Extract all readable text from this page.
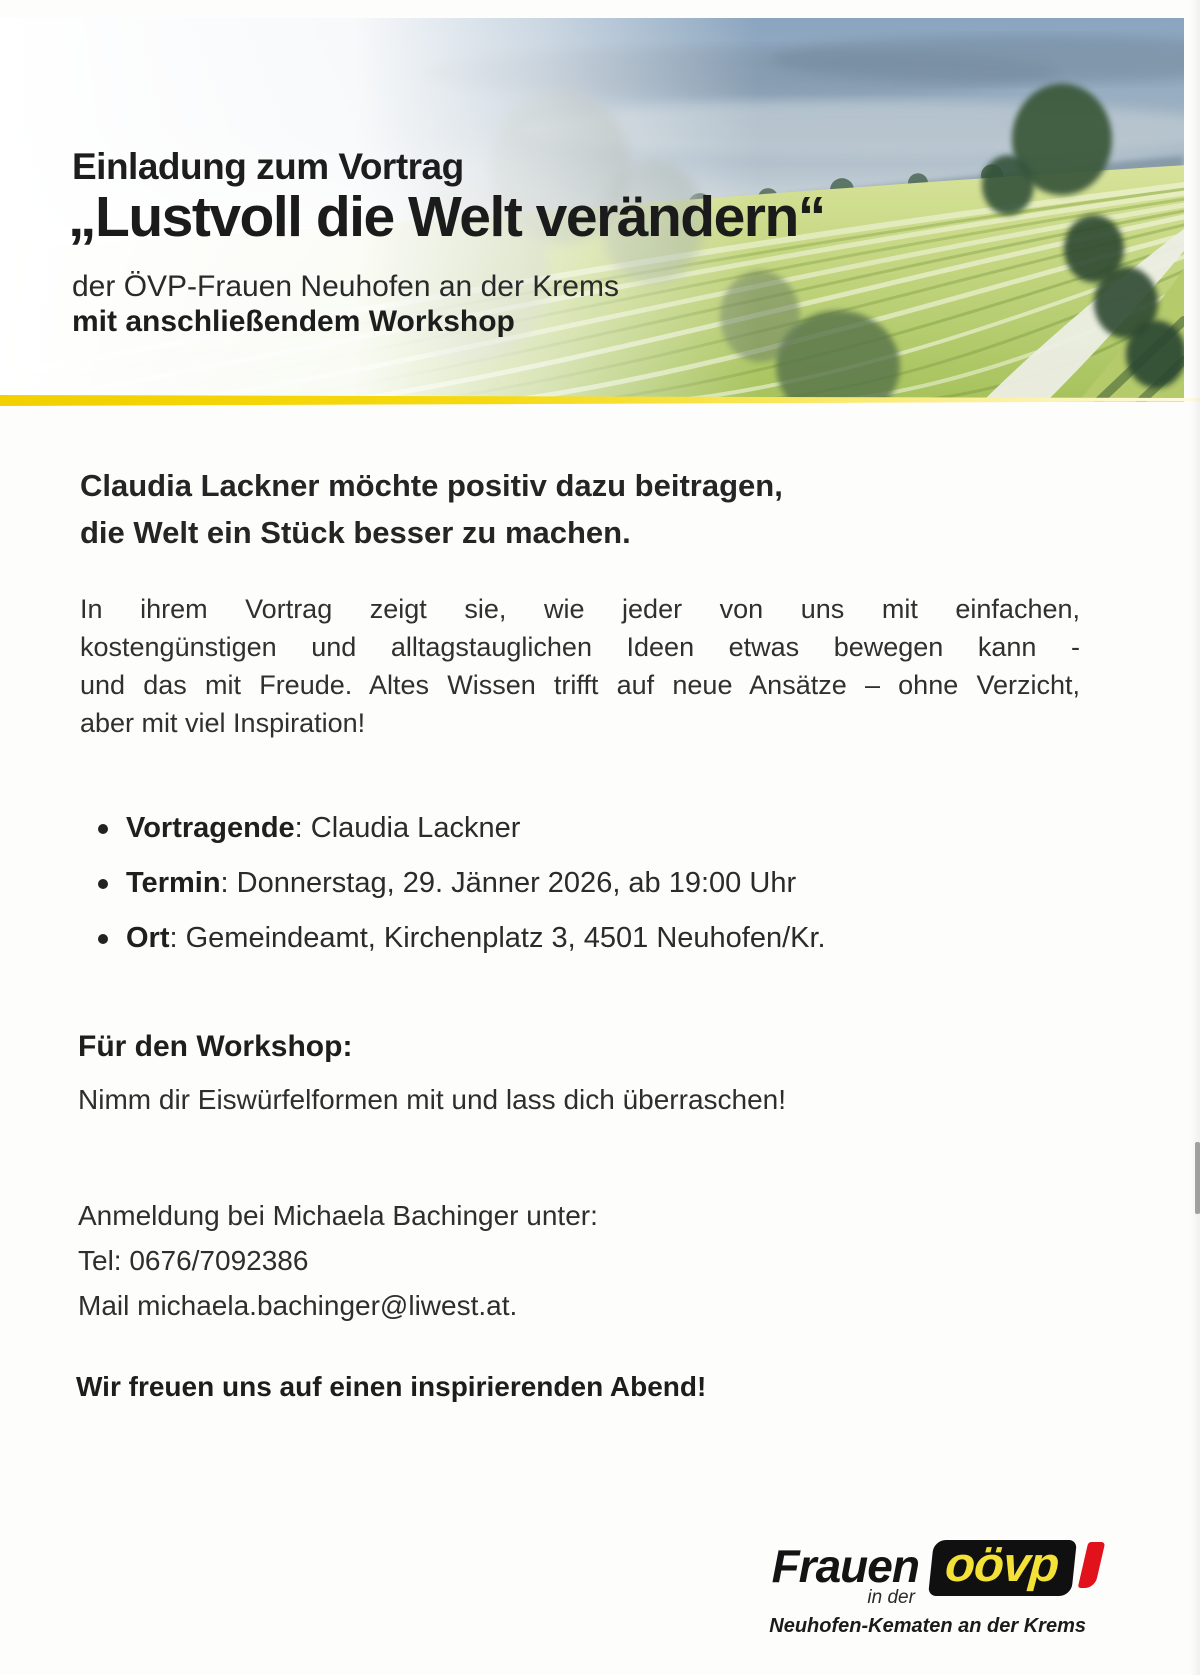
Einladung zum Vortrag
„Lustvoll die Welt verändern“
der ÖVP-Frauen Neuhofen an der Krems
mit anschließendem Workshop
Claudia Lackner möchte positiv dazu beitragen,
die Welt ein Stück besser zu machen.
In ihrem Vortrag zeigt sie, wie jeder von uns mit einfachen,
kostengünstigen und alltagstauglichen Ideen etwas bewegen kann -
und das mit Freude. Altes Wissen trifft auf neue Ansätze – ohne Verzicht,
aber mit viel Inspiration!
Vortragende: Claudia Lackner
Termin: Donnerstag, 29. Jänner 2026, ab 19:00 Uhr
Ort: Gemeindeamt, Kirchenplatz 3, 4501 Neuhofen/Kr.
Für den Workshop:
Nimm dir Eiswürfelformen mit und lass dich überraschen!
Anmeldung bei Michaela Bachinger unter:
Tel: 0676/7092386
Mail michaela.bachinger@liwest.at.
Wir freuen uns auf einen inspirierenden Abend!
Frauen
in der
oövp
Neuhofen-Kematen an der Krems
